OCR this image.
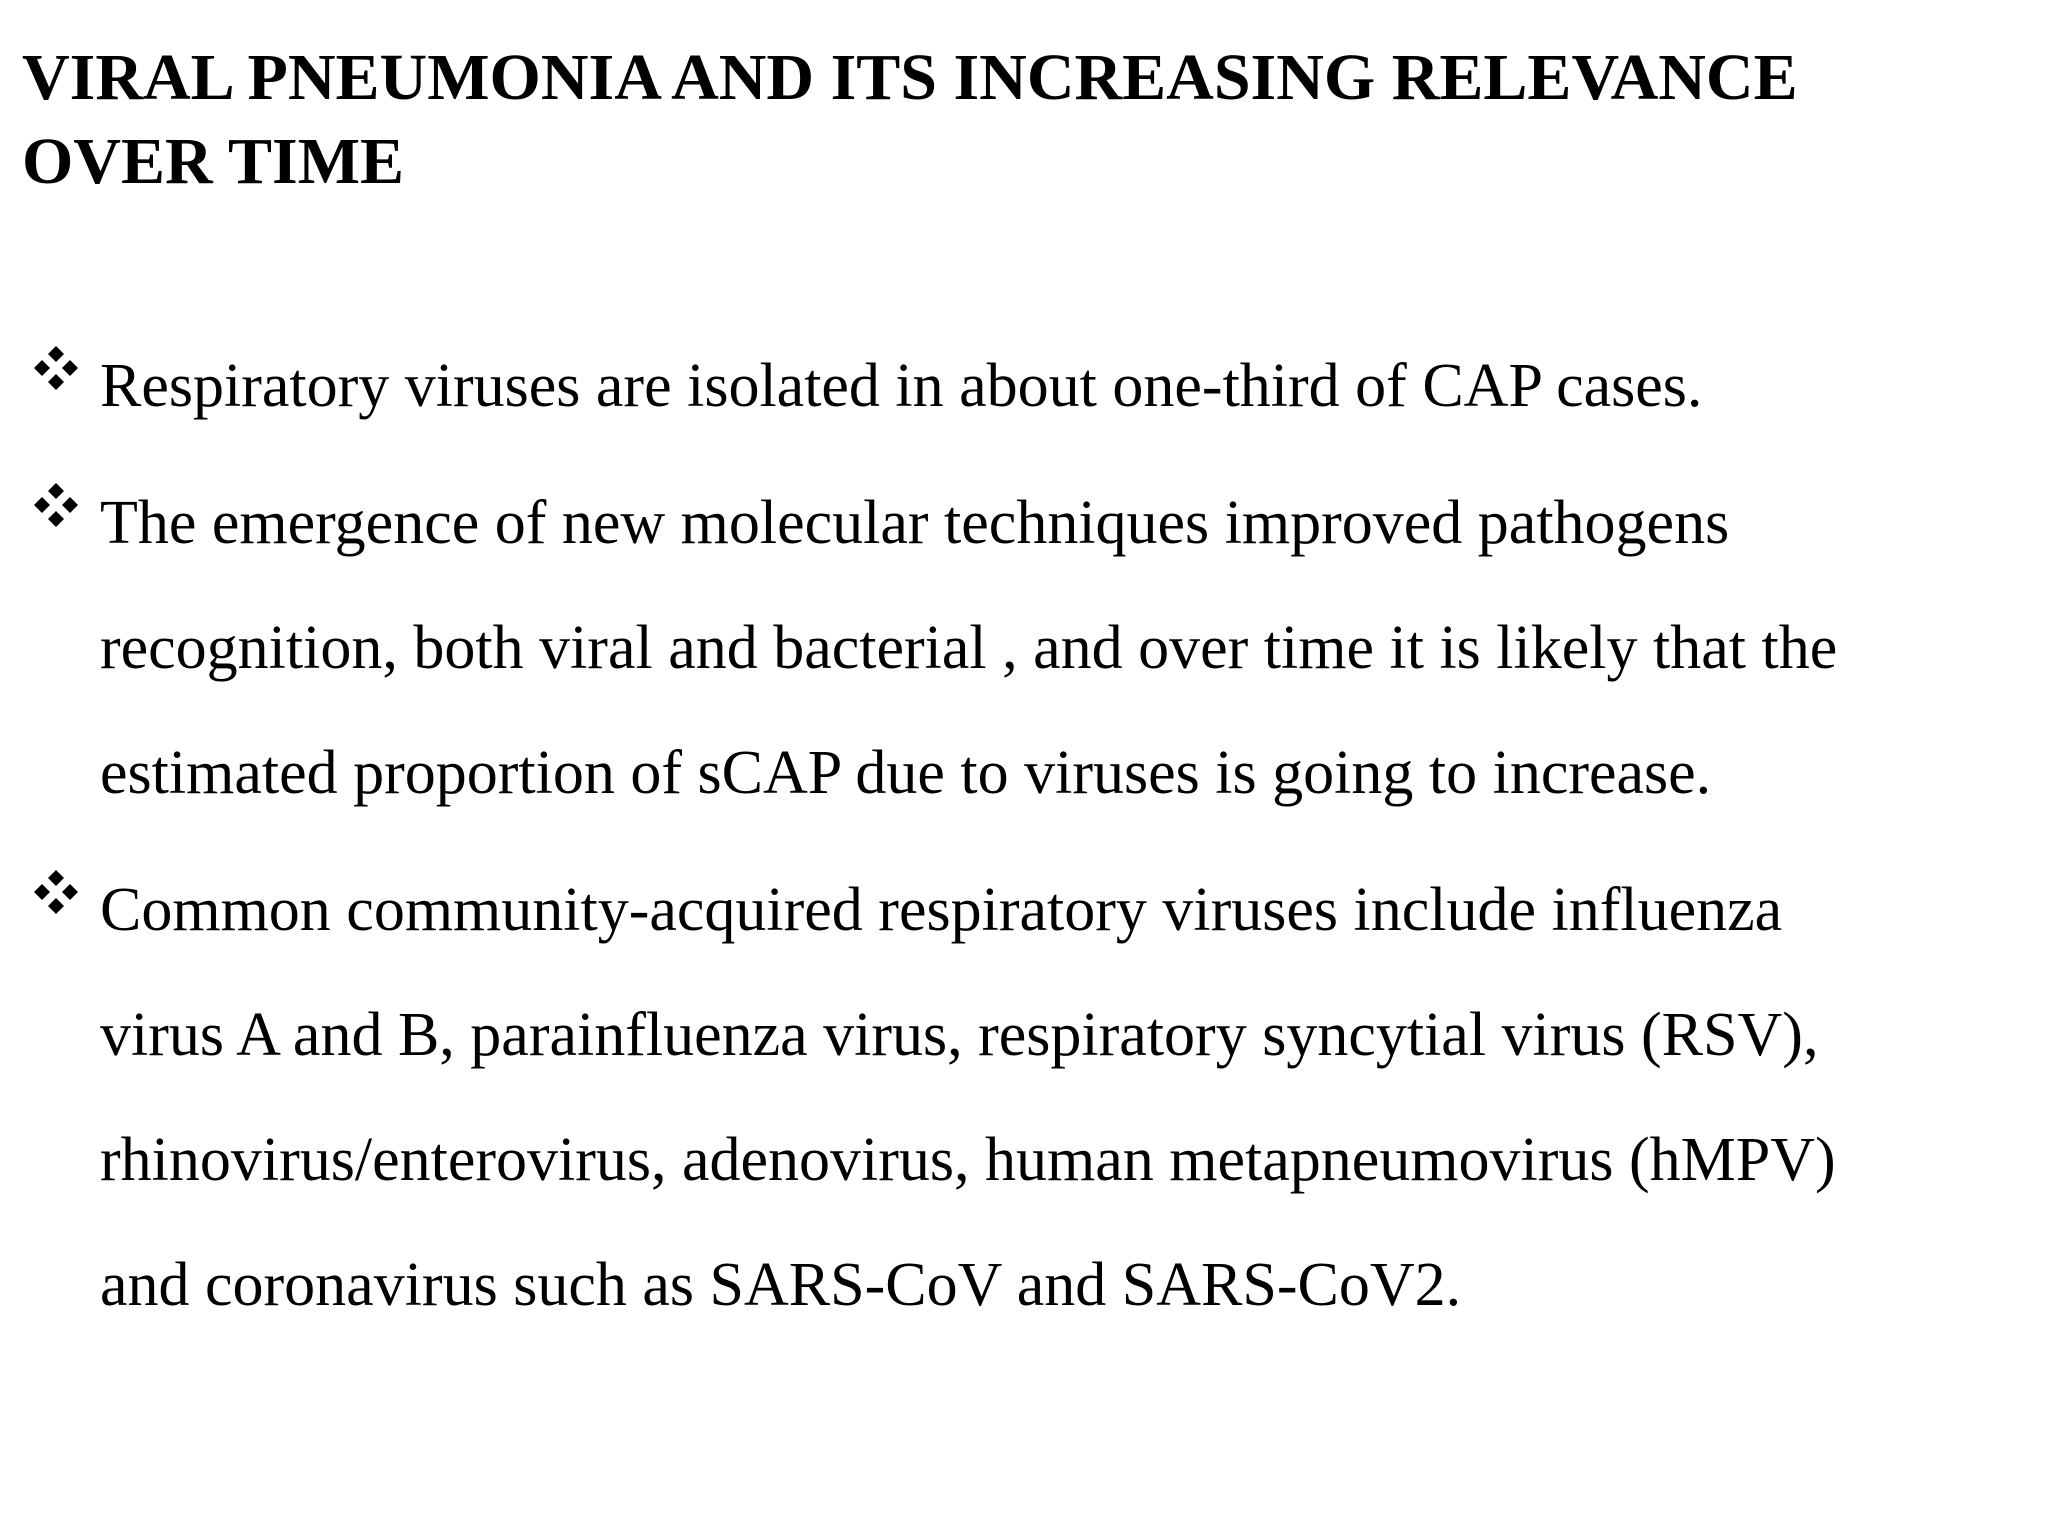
VIRAL PNEUMONIA AND ITS INCREASING RELEVANCE
OVER TIME
Respiratory viruses are isolated in about one-third of CAP cases.
The emergence of new molecular techniques improved pathogens
recognition, both viral and bacterial , and over time it is likely that the
estimated proportion of sCAP due to viruses is going to increase.
Common community-acquired respiratory viruses include influenza
virus A and B, parainfluenza virus, respiratory syncytial virus (RSV),
rhinovirus/enterovirus, adenovirus, human metapneumovirus (hMPV)
and coronavirus such as SARS-CoV and SARS-CoV2.
